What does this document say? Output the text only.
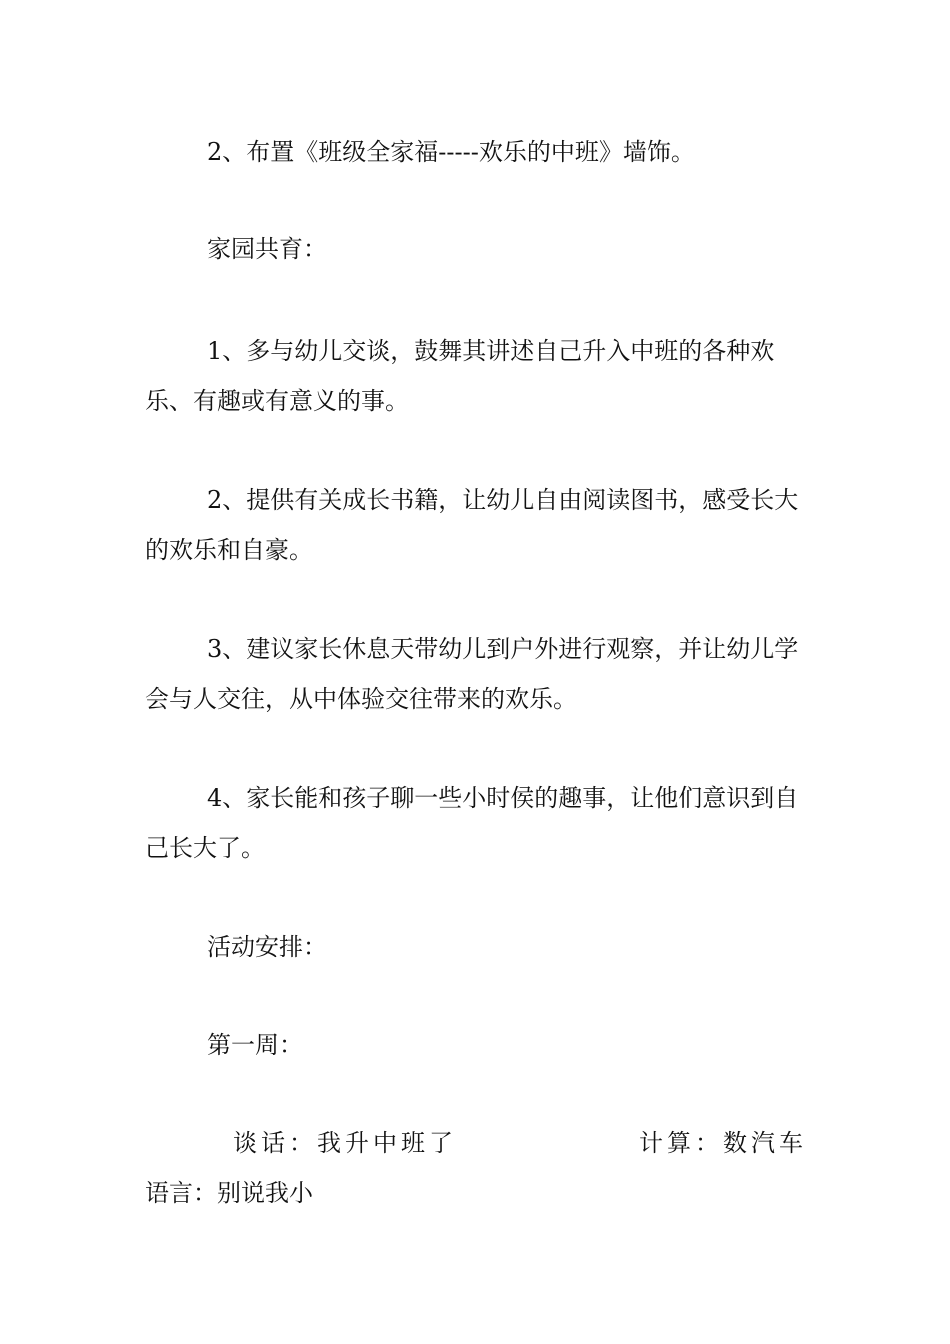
2、布置《班级全家福-----欢乐的中班》墙饰。

家园共育：

1、多与幼儿交谈，鼓舞其讲述自己升入中班的各种欢乐、有趣或有意义的事。

2、提供有关成长书籍，让幼儿自由阅读图书，感受长大的欢乐和自豪。

3、建议家长休息天带幼儿到户外进行观察，并让幼儿学会与人交往，从中体验交往带来的欢乐。

4、家长能和孩子聊一些小时侯的趣事，让他们意识到自己长大了。

活动安排：

第一周：

谈话：我升中班了	计算：数汽车

语言：别说我小
